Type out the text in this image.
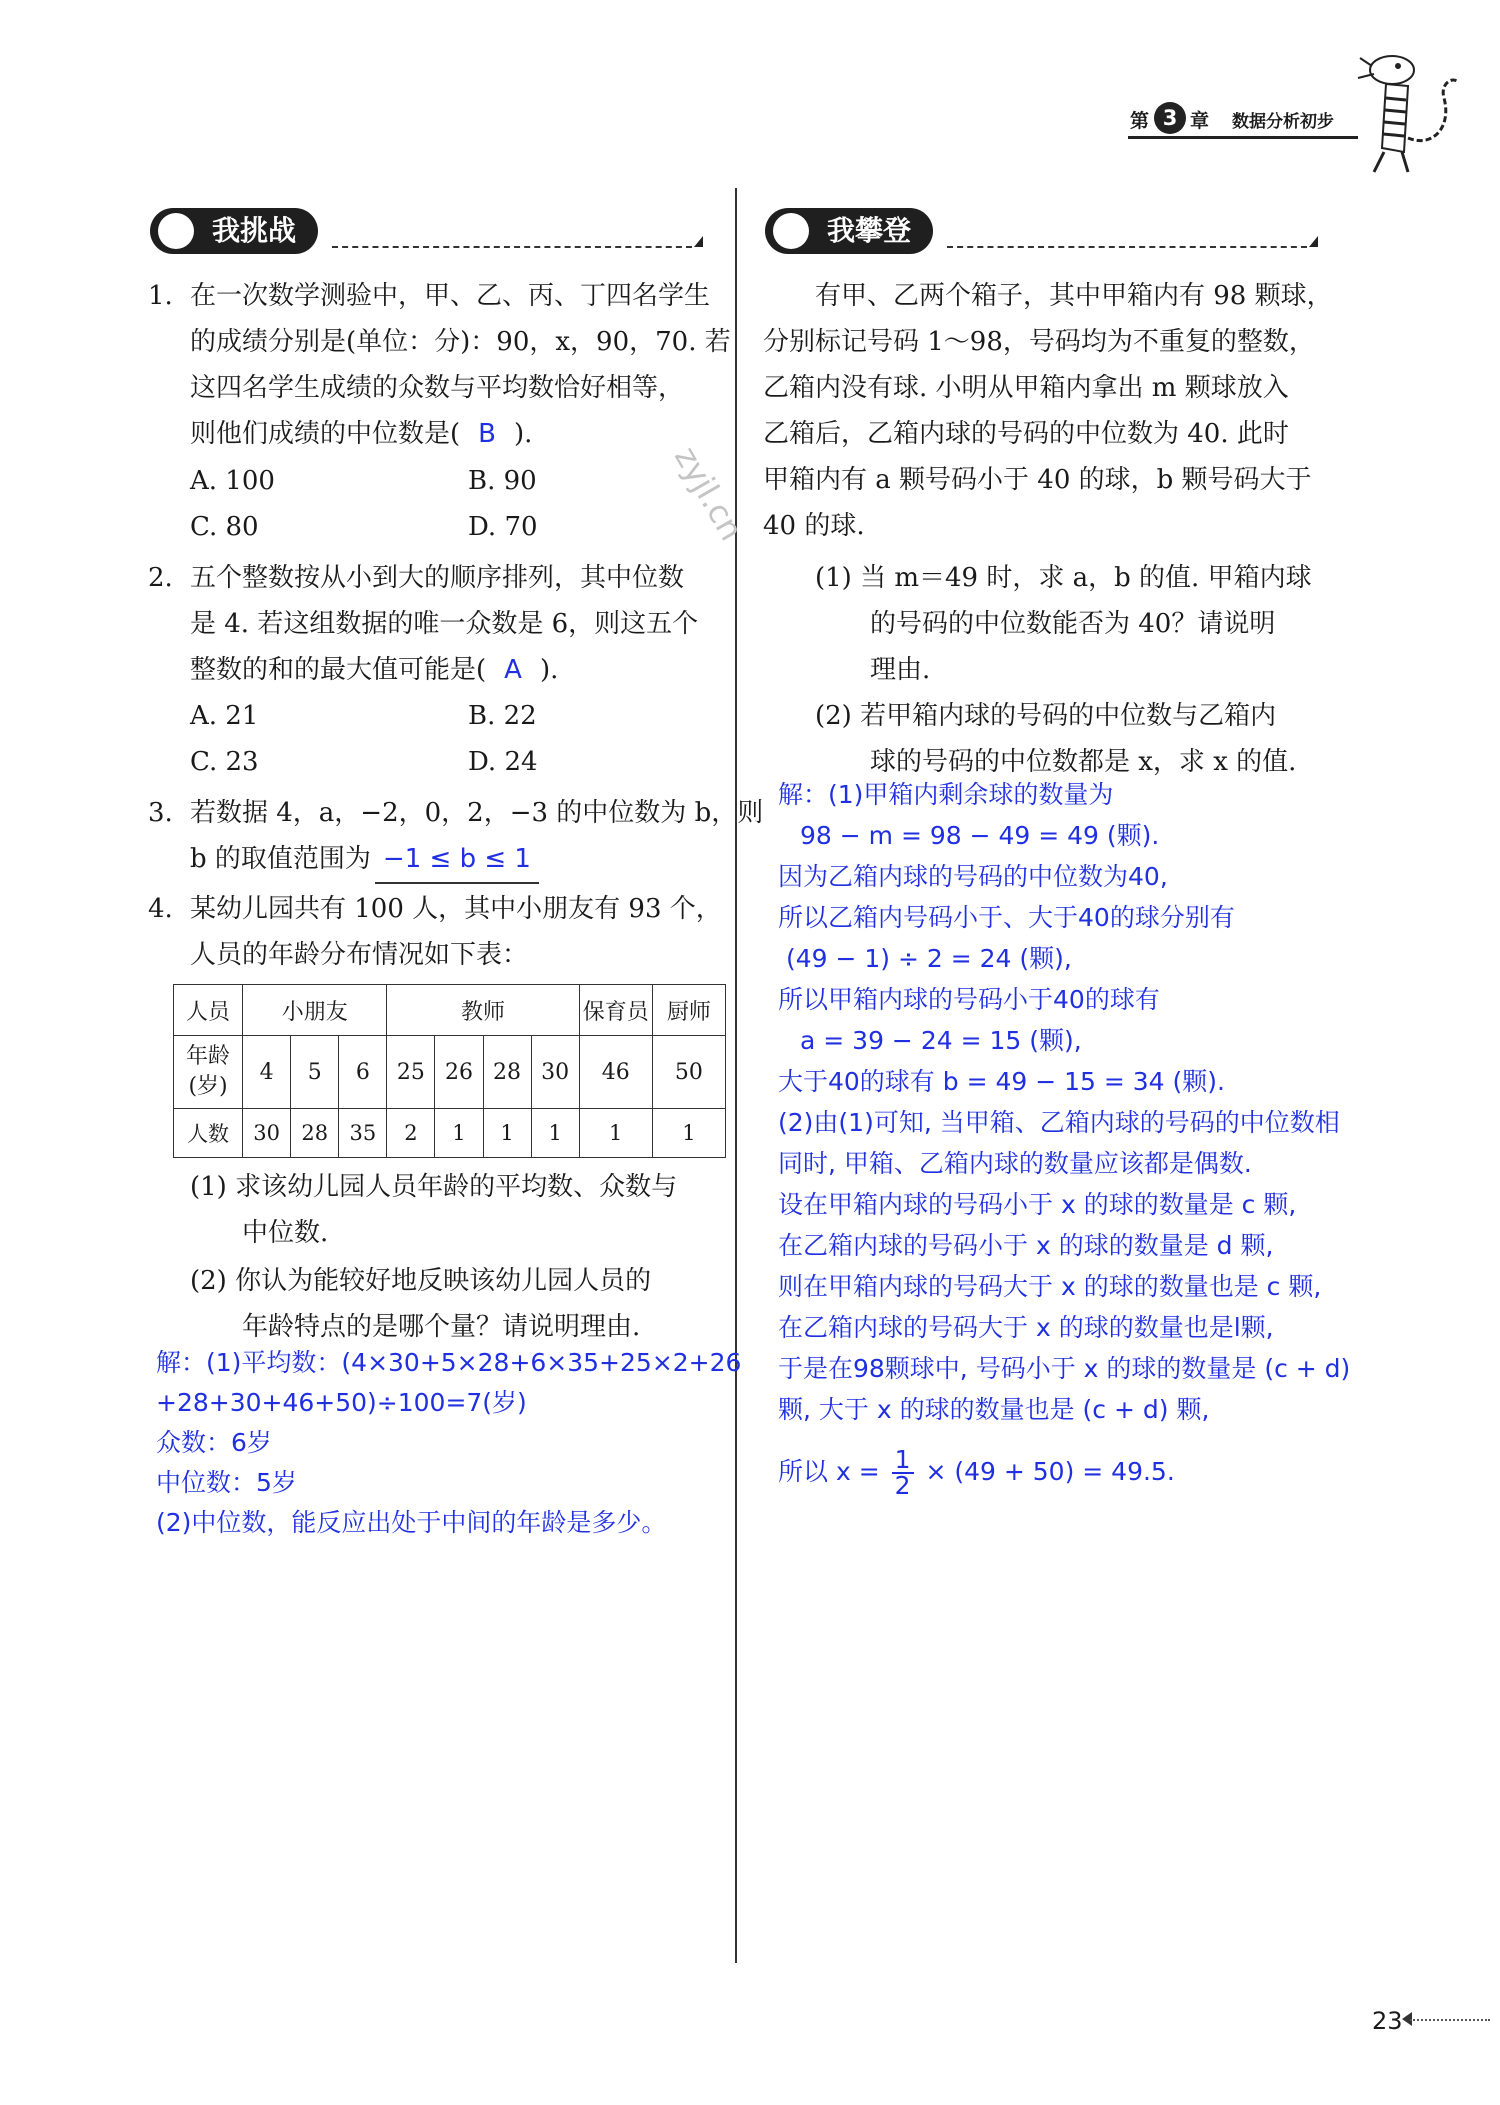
第 3 章 数据分析初步
我挑战	我攀登
1. 在一次数学测验中，甲、乙、丙、丁四名学生
的成绩分别是(单位：分)：90，x，90，70. 若
这四名学生成绩的众数与平均数恰好相等，
则他们成绩的中位数是( B ).
A. 100	B. 90
C. 80	D. 70
2. 五个整数按从小到大的顺序排列，其中位数
是 4. 若这组数据的唯一众数是 6，则这五个
整数的和的最大值可能是( A ).
A. 21	B. 22
C. 23	D. 24
3. 若数据 4，a，−2，0，2，−3 的中位数为 b，则
b 的取值范围为 −1 ≤ b ≤ 1
4. 某幼儿园共有 100 人，其中小朋友有 93 个，
人员的年龄分布情况如下表：
人员	小朋友			教师				保育员	厨师
年龄
(岁)	4	5	6	25	26	28	30	46	50
人数	30	28	35	2	1	1	1	1	1
(1) 求该幼儿园人员年龄的平均数、众数与
中位数.
(2) 你认为能较好地反映该幼儿园人员的
年龄特点的是哪个量？请说明理由.
解：(1)平均数：(4×30+5×28+6×35+25×2+26
+28+30+46+50)÷100=7(岁)
众数：6岁
中位数：5岁
(2)中位数，能反应出处于中间的年龄是多少。
有甲、乙两个箱子，其中甲箱内有 98 颗球，
分别标记号码 1～98，号码均为不重复的整数，
乙箱内没有球. 小明从甲箱内拿出 m 颗球放入
乙箱后，乙箱内球的号码的中位数为 40. 此时
甲箱内有 a 颗号码小于 40 的球，b 颗号码大于
40 的球.
(1) 当 m＝49 时，求 a，b 的值. 甲箱内球
的号码的中位数能否为 40？请说明
理由.
(2) 若甲箱内球的号码的中位数与乙箱内
球的号码的中位数都是 x，求 x 的值.
解：(1)甲箱内剩余球的数量为
98 − m = 98 − 49 = 49 (颗).
因为乙箱内球的号码的中位数为40,
所以乙箱内号码小于、大于40的球分别有
(49 − 1) ÷ 2 = 24 (颗),
所以甲箱内球的号码小于40的球有
a = 39 − 24 = 15 (颗),
大于40的球有 b = 49 − 15 = 34 (颗).
(2)由(1)可知, 当甲箱、乙箱内球的号码的中位数相
同时, 甲箱、乙箱内球的数量应该都是偶数.
设在甲箱内球的号码小于 x 的球的数量是 c 颗,
在乙箱内球的号码小于 x 的球的数量是 d 颗,
则在甲箱内球的号码大于 x 的球的数量也是 c 颗,
在乙箱内球的号码大于 x 的球的数量也是l颗,
于是在98颗球中, 号码小于 x 的球的数量是 (c + d)
颗, 大于 x 的球的数量也是 (c + d) 颗,
所以 $x = \frac{1}{2} \times (49 + 50) = 49.5$.
zyjl.cn
23
